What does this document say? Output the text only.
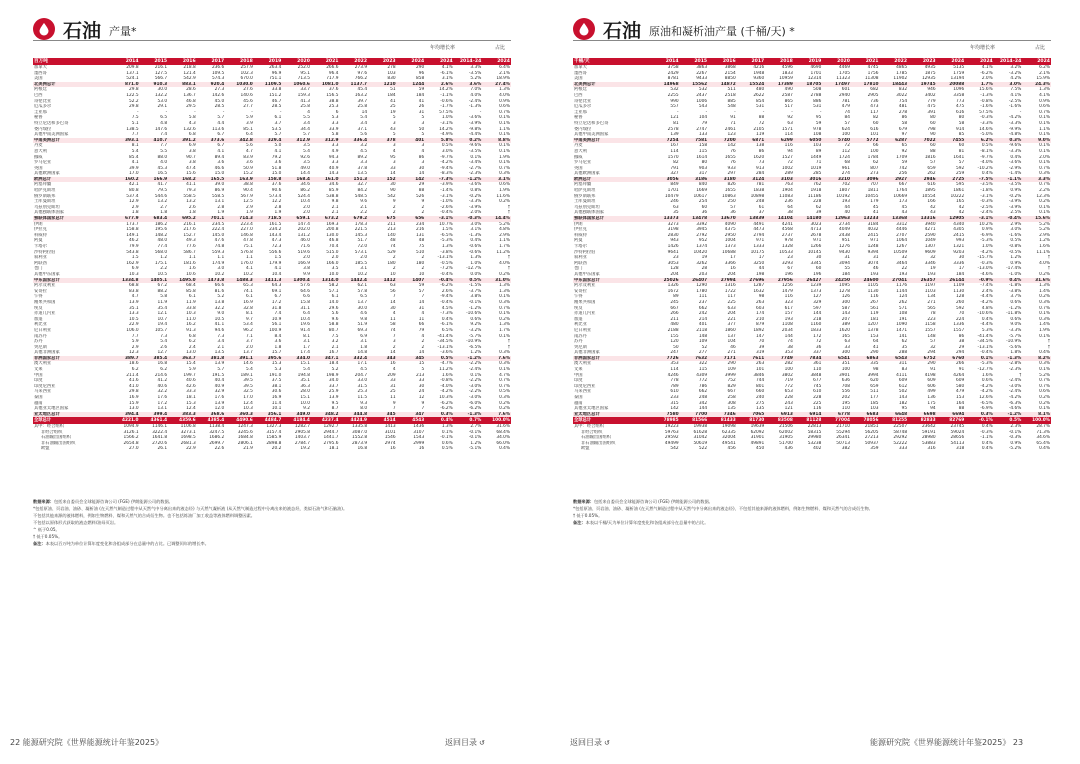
石油 产量*
年均增长率	占比
百万吨	2014	2015	2016	2017	2018	2019	2020	2021	2022	2023	2024	2024	2014–24	2024
加拿大	209.8	216.1	218.8	236.6	257.9	263.4	252.0	266.6	273.9	278	290	4.1%	3.3%	6.4%
墨西哥	137.1	127.5	121.4	109.5	102.3	96.9	95.1	96.4	97.6	103	96	-6.1%	-3.5%	2.1%
美国	524.1	566.7	542.9	574.3	670.0	751.1	713.5	717.9	766.2	830	858	3.1%	5.2%	18.9%
北美洲总计	871.0	910.3	883.1	920.4	1030.0	1109.5	1060.6	1081.0	1137.7	1210	1244	2.6%	3.6%	27.4%
阿根廷	29.8	30.0	28.6	27.3	27.6	33.8	33.7	37.6	45.4	51	59	14.2%	7.0%	1.3%
巴西	122.5	132.2	136.7	142.6	140.6	151.2	159.3	156.5	163.2	184	184	-1.1%	4.0%	4.0%
哥伦比亚	52.2	53.0	46.8	45.0	45.6	46.7	41.3	38.8	39.7	41	41	-0.6%	-2.4%	0.9%
厄瓜多尔	29.8	29.1	29.5	28.5	27.7	28.5	25.8	25.3	25.8	25	26	-1.7%	-1.3%	0.6%
圭亚那	-	-	-	-	-	-	4	6	14	19	31	57.5%	-	0.7%
秘鲁	7.5	6.5	5.8	5.7	5.9	6.1	5.5	5.3	5.4	5	5	1.0%	-3.6%	0.1%
特立尼达和多巴哥	5.1	4.8	4.3	4.4	3.9	3.7	3.4	3.3	3.4	3	3	-3.1%	-3.9%	0.1%
委内瑞拉	138.5	147.6	132.6	113.6	85.1	53.5	34.4	33.9	37.1	43	50	14.2%	-9.8%	1.1%
其他中南美洲国家	7.7	7.4	6.8	6.7	6.4	5.7	5.7	5.8	5.6	5	5	-4.9%	-4.4%	0.1%
中南美洲总计	393.1	410.7	391.2	373.6	342.8	329.4	312.9	312.9	336.4	378	401	5.8%	0.2%	8.8%
丹麦	8.1	7.7	6.9	6.7	5.6	5.0	3.5	3.3	3.2	3	3	0.5%	-9.6%	0.1%
意大利	5.4	5.5	3.8	4.1	4.7	4.1	5.4	4.9	4.5	4	4	3.0%	-3.5%	0.1%
挪威	85.4	88.0	90.7	89.4	83.9	79.2	92.6	94.3	89.2	95	86	-9.7%	0.1%	1.9%
罗马尼亚	4.1	4.0	3.8	3.6	3.6	3.6	3.5	3.3	3.3	3	3	-4.2%	-3.4%	0.1%
英国	39.9	45.3	47.4	46.6	50.9	51.8	49.0	40.9	37.8	33	30	-9.4%	-2.7%	0.7%
其他欧洲国家	17.0	16.5	15.6	15.0	15.2	15.0	14.4	14.3	13.5	14	14	-8.3%	-2.3%	0.3%
欧洲总计	160.2	166.9	168.2	165.5	163.9	158.8	168.4	161.0	151.3	152	142	-7.3%	-1.2%	3.1%
阿塞拜疆	42.1	41.7	41.1	39.0	38.8	37.6	34.6	34.6	32.7	30	29	-3.9%	-3.6%	0.6%
哈萨克斯坦	80.8	79.5	79.3	86.9	90.4	90.6	86.2	85.9	84.2	90	88	-1.4%	0.8%	1.9%
俄罗斯联邦	537.4	544.6	558.5	558.5	567.9	573.4	524.4	538.8	548.5	542	526	-3.1%	-0.2%	11.6%
土库曼斯坦	12.9	13.2	13.2	13.1	12.5	12.2	10.4	9.8	9.6	9	9	-1.0%	-3.3%	0.2%
乌兹别克斯坦	2.9	2.7	2.6	2.8	2.9	2.8	2.0	2.1	2.1	2	2	-2.6%	-3.9%	†
其他独联体国家	1.8	1.8	1.8	1.9	1.9	1.9	2.0	2.1	2.2	2	2	-0.4%	2.0%	†
独联体国家总计	677.9	683.4	695.2	701.1	714.3	718.5	659.1	673.2	679.2	675	656	-3.1%	-0.3%	14.4%
伊朗	173.7	186.2	216.1	234.5	223.4	161.5	147.4	169.3	178.3	211	234	10.7%	3.0%	5.2%
伊拉克	158.8	195.6	217.6	222.4	227.0	234.2	202.0	200.8	221.5	213	216	1.5%	3.1%	4.8%
科威特	149.1	148.2	152.7	145.0	146.8	143.4	131.2	130.0	145.3	140	131	-6.5%	-1.3%	2.9%
阿曼	46.2	48.0	49.3	47.6	47.8	47.3	46.0	46.8	51.7	48	48	-5.3%	0.4%	1.1%
卡塔尔	79.9	77.4	77.6	74.8	75.1	72.3	71.6	70.4	72.0	74	75	1.3%	-0.6%	1.7%
沙特阿拉伯	543.8	568.0	586.7	559.3	576.8	556.6	519.6	515.0	573.1	529	510	-3.8%	-0.6%	11.2%
叙利亚	1.5	1.2	1.1	1.1	1.1	1.5	2.0	2.0	2.0	2	2	-13.1%	1.3%	†
阿联酋	162.9	175.1	181.6	174.9	176.0	179.9	166.9	166.0	185.5	180	180	-0.5%	1.0%	4.0%
也门	6.9	2.2	1.6	3.0	4.1	4.1	3.8	3.5	3.1	2	2	-7.2%	-12.7%	†
其他中东国家	10.3	10.5	10.6	10.2	10.2	10.4	9.9	10.0	10.2	10	10	-0.4%	0.0%	0.2%
中东国家总计	1334.8	1405.1	1495.0	1473.8	1488.3	1411.3	1300.4	1314.0	1442.4	1412	1407	-0.4%	0.5%	31.0%
阿尔及利亚	68.8	67.2	68.4	66.6	65.3	64.3	57.6	58.2	62.1	63	59	-6.2%	-1.5%	1.3%
安哥拉	83.8	88.2	85.8	81.6	74.1	69.1	64.6	57.1	57.8	56	57	2.6%	-3.7%	1.3%
乍得	4.7	5.8	6.1	5.2	6.1	6.7	6.6	6.1	6.5	7	7	-9.4%	3.8%	0.1%
刚果共和国	13.9	11.9	11.9	13.8	16.9	17.2	15.8	14.0	13.7	14	14	-0.4%	-0.1%	0.3%
埃及	35.1	35.4	33.8	32.2	32.8	31.8	31.1	29.6	30.0	30	31	4.5%	-1.2%	0.7%
赤道几内亚	13.3	12.1	10.3	9.0	8.1	7.4	6.4	5.6	4.6	4	4	-7.3%	-10.6%	0.1%
加蓬	10.5	10.7	11.0	10.5	9.7	10.9	10.4	9.6	9.8	11	11	0.4%	0.6%	0.2%
利比亚	22.9	19.4	16.2	41.1	53.4	56.1	19.6	58.8	51.9	58	66	-6.1%	9.2%	1.3%
尼日利亚	106.0	105.7	91.3	94.6	96.2	100.9	91.4	80.7	69.3	74	79	6.5%	-3.2%	1.7%
南苏丹	7.7	7.3	6.8	7.3	7.1	8.4	8.1	7.5	6.9	7	4	-41.4%	-5.7%	0.1%
苏丹	5.9	5.4	6.2	3.4	3.7	3.6	3.1	3.2	3.1	3	2	-34.5%	-10.9%	†
突尼斯	2.9	2.6	2.4	2.1	2.0	1.8	1.7	2.1	1.8	2	2	-13.1%	-6.5%	†
其他非洲国家	12.3	12.7	13.0	13.5	13.7	15.7	17.4	16.7	14.8	14	14	-3.6%	1.2%	0.3%
非洲国家总计	389.7	385.4	363.7	381.8	391.1	395.6	334.0	347.1	332.4	343	345	0.5%	-1.2%	7.6%
澳大利亚	18.6	16.8	15.4	13.9	14.6	15.3	15.1	18.4	17.1	16	15	-4.7%	-2.2%	0.3%
文莱	6.2	6.2	5.9	5.7	5.4	5.3	5.4	5.2	4.5	4	5	11.2%	-2.4%	0.1%
中国	211.4	214.6	199.7	191.5	189.1	191.0	194.8	198.9	204.7	209	213	1.6%	0.1%	4.7%
印度	41.6	41.2	40.6	40.4	39.5	37.5	35.1	34.0	33.0	33	33	-0.8%	-2.2%	0.7%
印度尼西亚	41.0	40.6	42.6	40.9	39.5	38.1	36.3	33.7	31.5	31	30	-4.0%	-3.0%	0.7%
马来西亚	29.8	32.2	33.3	32.9	32.5	30.6	28.0	25.9	25.3	25	24	-4.2%	-2.2%	0.5%
泰国	16.9	17.6	18.1	17.6	17.0	16.9	15.1	13.9	11.5	11	12	10.3%	-3.0%	0.3%
越南	15.9	17.2	15.3	13.9	12.4	11.4	10.0	9.5	9.3	9	9	-6.2%	-6.0%	0.2%
其他亚太地区国家	13.0	13.1	12.4	12.0	10.3	10.1	9.2	8.7	8.0	7	7	-6.2%	-6.2%	0.2%
亚太地区总计	394.4	399.4	383.3	368.6	360.3	356.1	349.0	348.2	344.8	345	347	0.3%	-1.3%	7.6%
全球总计	4221.0	4361.4	4359.6	4385.4	4490.6	4484.7	4184.4	4237.4	4424.9	4514	4543	0.4%	0.7%	100.0%
其中：经合组织	1094.9	1146.1	1106.8	1138.4	1247.3	1327.3	1282.7	1292.7	1335.8	1413	1436	1.3%	2.7%	31.6%
非经合组织	3126.1	3222.4	3273.1	3247.5	3245.6	3157.4	2905.8	2944.7	3087.0	3101	3107	0.1%	-0.1%	68.4%
石油输出国组织	1566.2	1641.8	1698.5	1686.2	1684.8	1585.9	1403.7	1441.7	1552.8	1546	1543	-0.1%	-0.1%	34.0%
非石油输出国组织	2654.8	2720.6	2681.3	2699.7	2806.1	2898.8	2784.7	2795.6	2873.9	2974	2999	0.6%	1.2%	66.0%
欧盟	27.0	26.1	22.9	22.6	21.9	20.2	19.2	18.1	16.8	16	16	0.5%	-5.1%	0.4%
数据来源：包括来自委员会全球能源咨询公司 (FGE) 伊朗能源公司的数据。
*包括原油、页岩油、油砂、凝析油 (在天然气制造过程中从天然气中分离出来的液态烃) 与天然气凝析液 (从天然气制造过程中分离出来的液态烃，类似石油气和石脑油)。
不包括其他来源的液体燃料，例如生物燃料、煤和天然气的合成衍生物。也不包括炼油厂加工收益等液体燃料调整因素。
不包括以原体形式获取的液态燃料/油母页岩。
^ 低于0.05。
† 低于0.05%。
备注：本表以百万吨为单位计算年度变化和各组成部分在总量中的占比。已调整闰年的增长率。
22 能源研究院《世界能源统计年鉴2025》	返回目录 ↺
石油 原油和凝析油产量 (千桶/天) *
年均增长率	占比
千桶/天	2014	2015	2016	2017	2018	2019	2020	2021	2022	2023	2024	2024	2014–24	2024
加拿大	3758	3863	3868	4216	4596	4690	4469	4745	4865	4935	5135	4.1%	3.2%	6.2%
墨西哥	2429	2267	2154	1948	1833	1701	1705	1756	1785	1875	1759	-6.2%	-3.2%	2.1%
美国	8781	9433	8850	9360	10959	12314	11323	11308	11902	12935	13194	2.0%	4.2%	15.9%
北美洲总计	14968	15562	14872	15524	17389	18705	17497	17810	18443	19745	20088	1.7%	3.0%	24.3%
阿根廷	532	532	511	480	490	508	601	682	832	946	1096	15.6%	7.5%	1.3%
巴西	2255	2437	2518	2622	2587	2788	2940	2905	3022	3402	3358	-1.3%	4.1%	4.1%
哥伦比亚	990	1006	885	854	865	886	781	736	754	779	773	-0.8%	-2.5%	0.9%
厄瓜多尔	557	543	548	531	517	531	479	473	481	475	475	-1.6%	-1.6%	0.6%
圭亚那	-	-	-	-	-	-	74	117	278	391	616	57.5%	-	0.7%
秘鲁	121	104	91	88	92	95	84	82	86	80	80	-0.3%	-4.2%	0.1%
特立尼达和多巴哥	81	79	71	72	63	59	57	60	58	60	58	-3.3%	-3.3%	0.1%
委内瑞拉	2578	2747	2461	2105	1571	978	624	616	679	798	914	14.6%	-9.9%	1.1%
其他中南美洲国家	139	133	123	119	114	108	100	101	97	90	85	-5.0%	-4.8%	0.1%
中南美洲总计	7254	7581	7200	6871	6299	6050	5740	5772	6287	7022	7455	6.2%	0.3%	9.0%
丹麦	167	158	142	138	116	103	72	66	65	60	60	0.5%	-9.6%	0.1%
意大利	114	115	76	86	94	89	112	100	92	88	81	-8.1%	-3.3%	0.1%
挪威	1570	1614	1655	1620	1527	1449	1724	1784	1709	1816	1641	-9.7%	0.4%	2.0%
罗马尼亚	82	80	76	73	72	71	68	62	59	57	57	-4.0%	-3.6%	0.1%
英国	791	903	933	913	1002	1019	961	807	742	659	592	-10.2%	-2.9%	0.7%
其他欧洲国家	327	317	297	284	289	285	274	273	256	262	259	0.4%	-1.4%	0.3%
欧洲总计	3056	3186	3180	3124	3103	3016	3210	3096	2927	2946	2725	-7.5%	-1.1%	3.3%
阿塞拜疆	849	840	826	781	763	762	702	707	667	616	595	-3.5%	-3.5%	0.7%
哈萨克斯坦	1701	1669	1655	1838	1904	1918	1807	1811	1764	1895	1861	-1.8%	0.9%	2.2%
俄罗斯联邦	10479	10617	10863	10898	11083	11186	10192	10455	10669	10554	10222	-3.1%	-0.2%	12.3%
土库曼斯坦	246	254	250	248	236	228	193	179	173	166	165	-0.3%	-3.9%	0.2%
乌兹别克斯坦	63	60	57	61	64	62	44	45	45	42	42	-2.5%	-3.9%	0.1%
其他独联体国家	35	36	36	37	38	39	40	41	43	43	42	-2.4%	2.5%	0.1%
独联体国家总计	13373	13478	13670	13839	14104	14180	12963	13233	13368	13316	12905	-3.1%	-0.4%	15.6%
伊朗	3273	3392	4090	4491	4241	3023	2734	3184	3312	3940	4340	10.2%	2.9%	5.2%
伊拉克	3198	3945	4375	4473	4568	4713	4049	4032	4446	4271	4305	0.9%	3.0%	5.2%
科威特	2830	2792	2950	2794	2737	2678	2438	2415	2707	2590	2415	-6.9%	-1.6%	2.9%
阿曼	943	952	1004	971	978	971	951	971	1064	1049	993	-5.3%	0.5%	1.2%
卡塔尔	1426	1374	1373	1333	1328	1266	1276	1248	1267	1307	1321	1.0%	-0.8%	1.6%
沙特阿拉伯	9641	10420	10688	10175	10533	10145	9430	9394	10509	9609	9203	-4.2%	-0.5%	11.1%
叙利亚	23	19	17	17	23	30	31	31	32	32	30	-15.7%	1.2%	†
阿联酋	3053	3262	3366	3250	3293	3345	3094	3074	3464	3346	3336	-0.3%	0.9%	4.0%
也门	128	28	16	44	67	60	55	46	22	19	17	-13.0%	-17.4%	†
其他中东国家	204	203	204	198	196	196	184	193	193	193	184	-4.6%	-1.0%	0.2%
中东国家总计	25026	26407	27994	27696	27956	26427	24250	24600	27041	26357	26144	-0.9%	0.4%	31.6%
阿尔及利亚	1326	1290	1316	1287	1256	1239	1095	1105	1176	1197	1109	-7.4%	-1.8%	1.3%
安哥拉	1672	1780	1722	1632	1479	1373	1278	1130	1144	1103	1130	2.4%	-3.8%	1.4%
乍得	89	111	117	98	116	127	126	116	124	134	128	-4.4%	3.7%	0.2%
刚果共和国	245	237	225	263	323	329	300	267	262	271	260	-4.2%	0.6%	0.3%
埃及	667	662	633	603	617	597	587	561	571	565	592	4.8%	-1.2%	0.7%
赤道几内亚	266	242	204	174	157	144	143	119	108	78	70	-10.6%	-11.8%	0.1%
加蓬	211	214	221	210	193	218	207	181	191	223	224	0.4%	0.6%	0.3%
利比亚	480	401	377	879	1108	1160	389	1207	1090	1158	1336	-4.4%	9.0%	1.4%
尼日利亚	2188	2118	1860	1892	2034	1833	1620	1378	1471	1557	1557	5.3%	-3.3%	1.9%
南苏丹	155	148	137	147	144	172	165	153	141	148	86	-41.4%	-5.7%	0.1%
苏丹	120	109	104	70	74	72	63	64	62	57	38	-34.5%	-10.9%	†
突尼斯	50	52	46	39	38	36	33	41	35	32	29	-13.1%	-5.6%	†
其他非洲国家	247	277	271	319	353	337	300	290	288	294	294	-0.4%	1.8%	0.4%
非洲国家总计	7726	7632	7171	7611	7749	7834	6541	6863	6543	6752	6760	0.1%	-1.3%	8.2%
澳大利亚	353	322	290	263	282	361	351	335	311	290	266	-5.3%	-2.8%	0.3%
文莱	114	115	109	101	100	110	100	98	83	91	91	-12.7%	-2.3%	0.1%
中国	4246	4309	3999	3846	3802	3848	3901	3994	4111	4198	4264	1.6%	†	5.2%
印度	778	772	752	744	719	677	636	620	609	609	609	0.6%	-2.4%	0.7%
印度尼西亚	789	786	829	801	772	745	708	659	612	606	580	-4.2%	-3.0%	0.7%
马来西亚	610	662	667	660	653	610	556	511	502	499	479	-4.2%	-2.4%	0.6%
泰国	233	248	258	240	228	228	202	177	143	136	153	12.6%	-4.2%	0.2%
越南	315	342	308	275	243	225	195	185	182	175	164	-6.5%	-6.3%	0.2%
其他亚太地区国家	142	144	135	135	121	116	110	103	95	94	88	-6.9%	-4.6%	0.1%
亚太地区总计	7580	7700	7346	7065	6913	6914	6778	6683	6648	6698	6694	0.3%	-1.2%	8.1%
全球总计	78985	81566	81433	81730	83508	81128	77004	78056	81255	82833	82769	-0.1%	0.5%	100.0%
其中：经合组织	19223	19938	19098	19639	21506	22813	21710	21851	22507	23642	23745	0.4%	2.3%	28.7%
非经合组织	59763	61628	62335	62092	62002	58315	55294	56205	58748	59191	59024	-0.3%	-0.1%	71.3%
石油输出国组织	29592	31042	32004	31901	31905	29980	26341	27213	29292	28980	28656	-1.1%	-0.3%	34.6%
非石油输出国组织	49499	50619	49541	49891	51700	53238	50713	50937	52222	53883	54113	0.4%	0.9%	65.4%
欧盟	542	522	456	450	436	402	382	359	333	316	318	0.4%	-5.2%	0.4%
数据来源：包括来自委员会全球能源咨询公司 (FGE) 伊朗能源公司的数据。
*包括原油、页岩油、油砂、凝析油 (在天然气制造过程中从天然气中分离出来的液态烃)、不包括其他来源的液体燃料，例如生物燃料、煤和天然气的合成衍生物。
† 低于0.05%。
备注：本表以千桶/天为单位计算年度变化和各组成部分在总量中的占比。
返回目录 ↺	能源研究院《世界能源统计年鉴2025》 23
